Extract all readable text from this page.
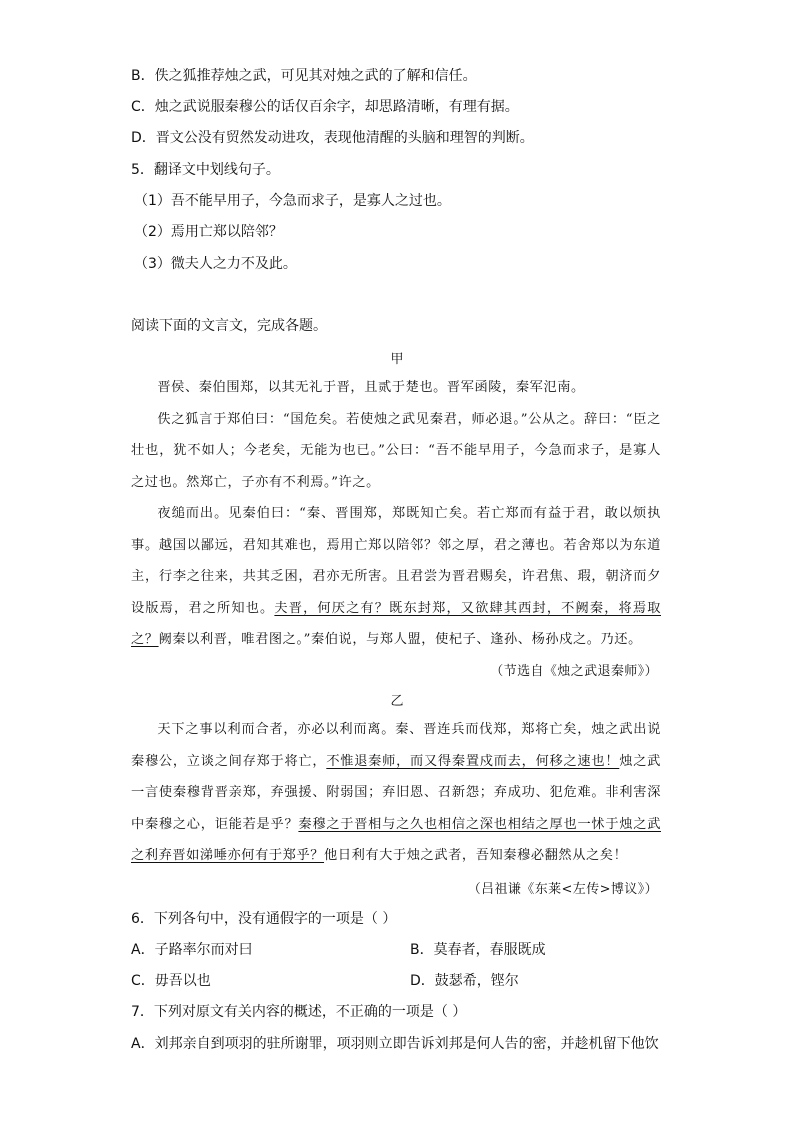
B．佚之狐推荐烛之武，可见其对烛之武的了解和信任。
C．烛之武说服秦穆公的话仅百余字，却思路清晰，有理有据。
D．晋文公没有贸然发动进攻，表现他清醒的头脑和理智的判断。
5．翻译文中划线句子。
（1）吾不能早用子，今急而求子，是寡人之过也。
（2）焉用亡郑以陪邻？
（3）微夫人之力不及此。
阅读下面的文言文，完成各题。
甲

晋侯、秦伯围郑，以其无礼于晋，且贰于楚也。晋军函陵，秦军氾南。

佚之狐言于郑伯曰：“国危矣。若使烛之武见秦君，师必退。”公从之。辞曰：“臣之壮也，犹不如人；今老矣，无能为也已。”公曰：“吾不能早用子，今急而求子，是寡人之过也。然郑亡，子亦有不利焉。”许之。

夜缒而出。见秦伯曰：“秦、晋围郑，郑既知亡矣。若亡郑而有益于君，敢以烦执事。越国以鄙远，君知其难也，焉用亡郑以陪邻？邻之厚，君之薄也。若舍郑以为东道主，行李之往来，共其乏困，君亦无所害。且君尝为晋君赐矣，许君焦、瑕，朝济而夕设版焉，君之所知也。夫晋，何厌之有？既东封郑，又欲肆其西封，不阙秦，将焉取之？阙秦以利晋，唯君图之。”秦伯说，与郑人盟，使杞子、逢孙、杨孙戍之。乃还。

（节选自《烛之武退秦师》）
乙

天下之事以利而合者，亦必以利而离。秦、晋连兵而伐郑，郑将亡矣，烛之武出说秦穆公，立谈之间存郑于将亡，不惟退秦师，而又得秦置戍而去，何移之速也！烛之武一言使秦穆背晋亲郑，弃强援、附弱国；弃旧恩、召新怨；弃成功、犯危难。非利害深中秦穆之心，讵能若是乎？秦穆之于晋相与之久也相信之深也相结之厚也一怵于烛之武之利弃晋如涕唾亦何有于郑乎？他日利有大于烛之武者，吾知秦穆必翻然从之矣！

（吕祖谦《东莱<左传>博议》）
6．下列各句中，没有通假字的一项是（ ）
A．子路率尔而对曰	B．莫春者，春服既成
C．毋吾以也	D．鼓瑟希，铿尔
7．下列对原文有关内容的概述，不正确的一项是（ ）
A．刘邦亲自到项羽的驻所谢罪，项羽则立即告诉刘邦是何人告的密，并趁机留下他饮
